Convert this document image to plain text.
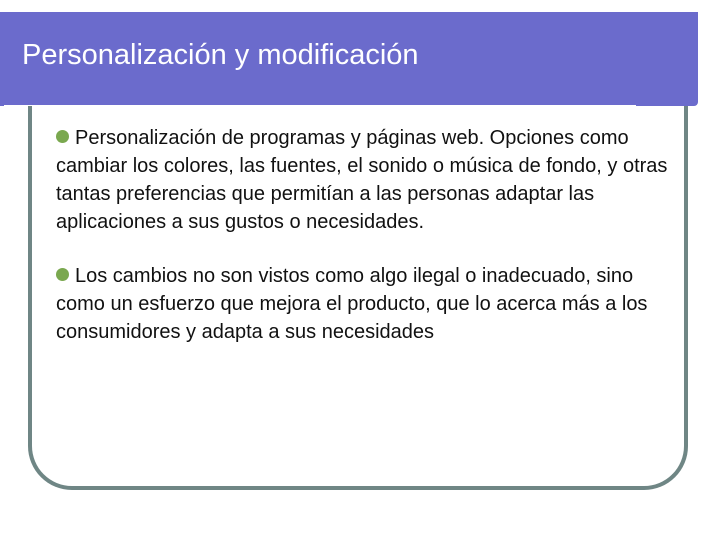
Personalización y modificación
Personalización de programas y páginas web. Opciones como cambiar los colores, las fuentes, el sonido o música de fondo, y otras tantas preferencias que permitían a las personas adaptar las aplicaciones a sus gustos o necesidades.
Los cambios no son vistos como algo ilegal o inadecuado, sino como un esfuerzo que mejora el producto, que lo acerca más a los consumidores y adapta a sus necesidades
